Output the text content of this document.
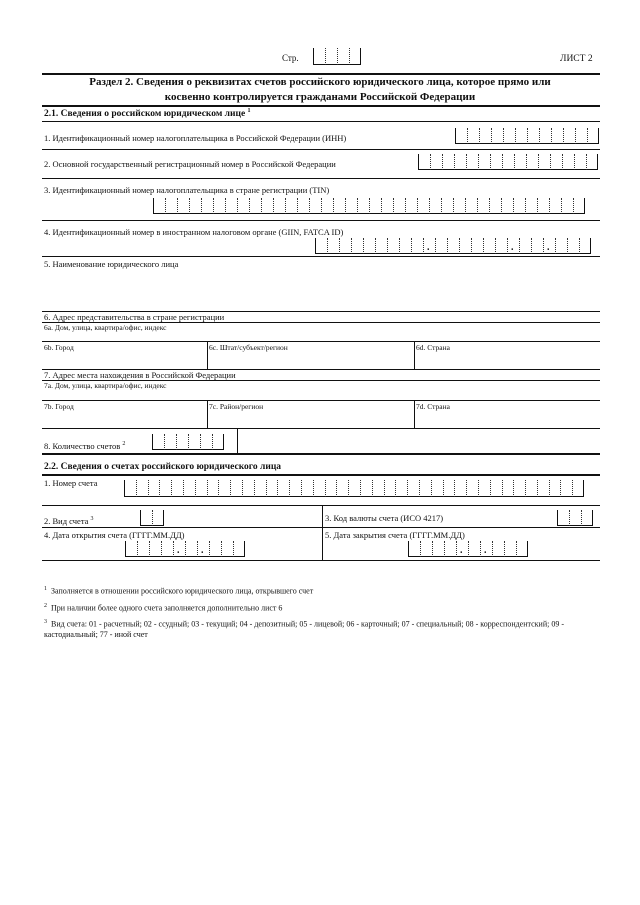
Стр.	ЛИСТ 2
Раздел 2. Сведения о реквизитах счетов российского юридического лица, которое прямо или
косвенно контролируется гражданами Российской Федерации
2.1. Сведения о российском юридическом лице $^1$
1. Идентификационный номер налогоплательщика в Российской Федерации (ИНН)
2. Основной государственный регистрационный номер в Российской Федерации
3. Идентификационный номер налогоплательщика в стране регистрации (TIN)
4. Идентификационный номер в иностранном налоговом органе (GIIN, FATCA ID)
.
.
.
5. Наименование юридического лица
6. Адрес представительства в стране регистрации
6а. Дом, улица, квартира/офис, индекс
6b. Город	6с. Штат/субъект/регион	6d. Страна
7. Адрес места нахождения в Российской Федерации
7а. Дом, улица, квартира/офис, индекс
7b. Город	7с. Район/регион	7d. Страна
8. Количество счетов $^2$
2.2. Сведения о счетах российского юридического лица
1. Номер счета
2. Вид счета $^3$	3. Код валюты счета (ИСО 4217)
4. Дата открытия счета (ГГГГ.ММ.ДД)
.
.	5. Дата закрытия счета (ГГГГ.ММ.ДД)
.
.
$^1$ Заполняется в отношении российского юридического лица, открывшего счет
$^2$ При наличии более одного счета заполняется дополнительно лист 6
$^3$ Вид счета: 01 - расчетный; 02 - ссудный; 03 - текущий; 04 - депозитный; 05 - лицевой; 06 - карточный; 07 - специальный; 08 - корреспондентский; 09 - кастодиальный; 77 - иной счет
